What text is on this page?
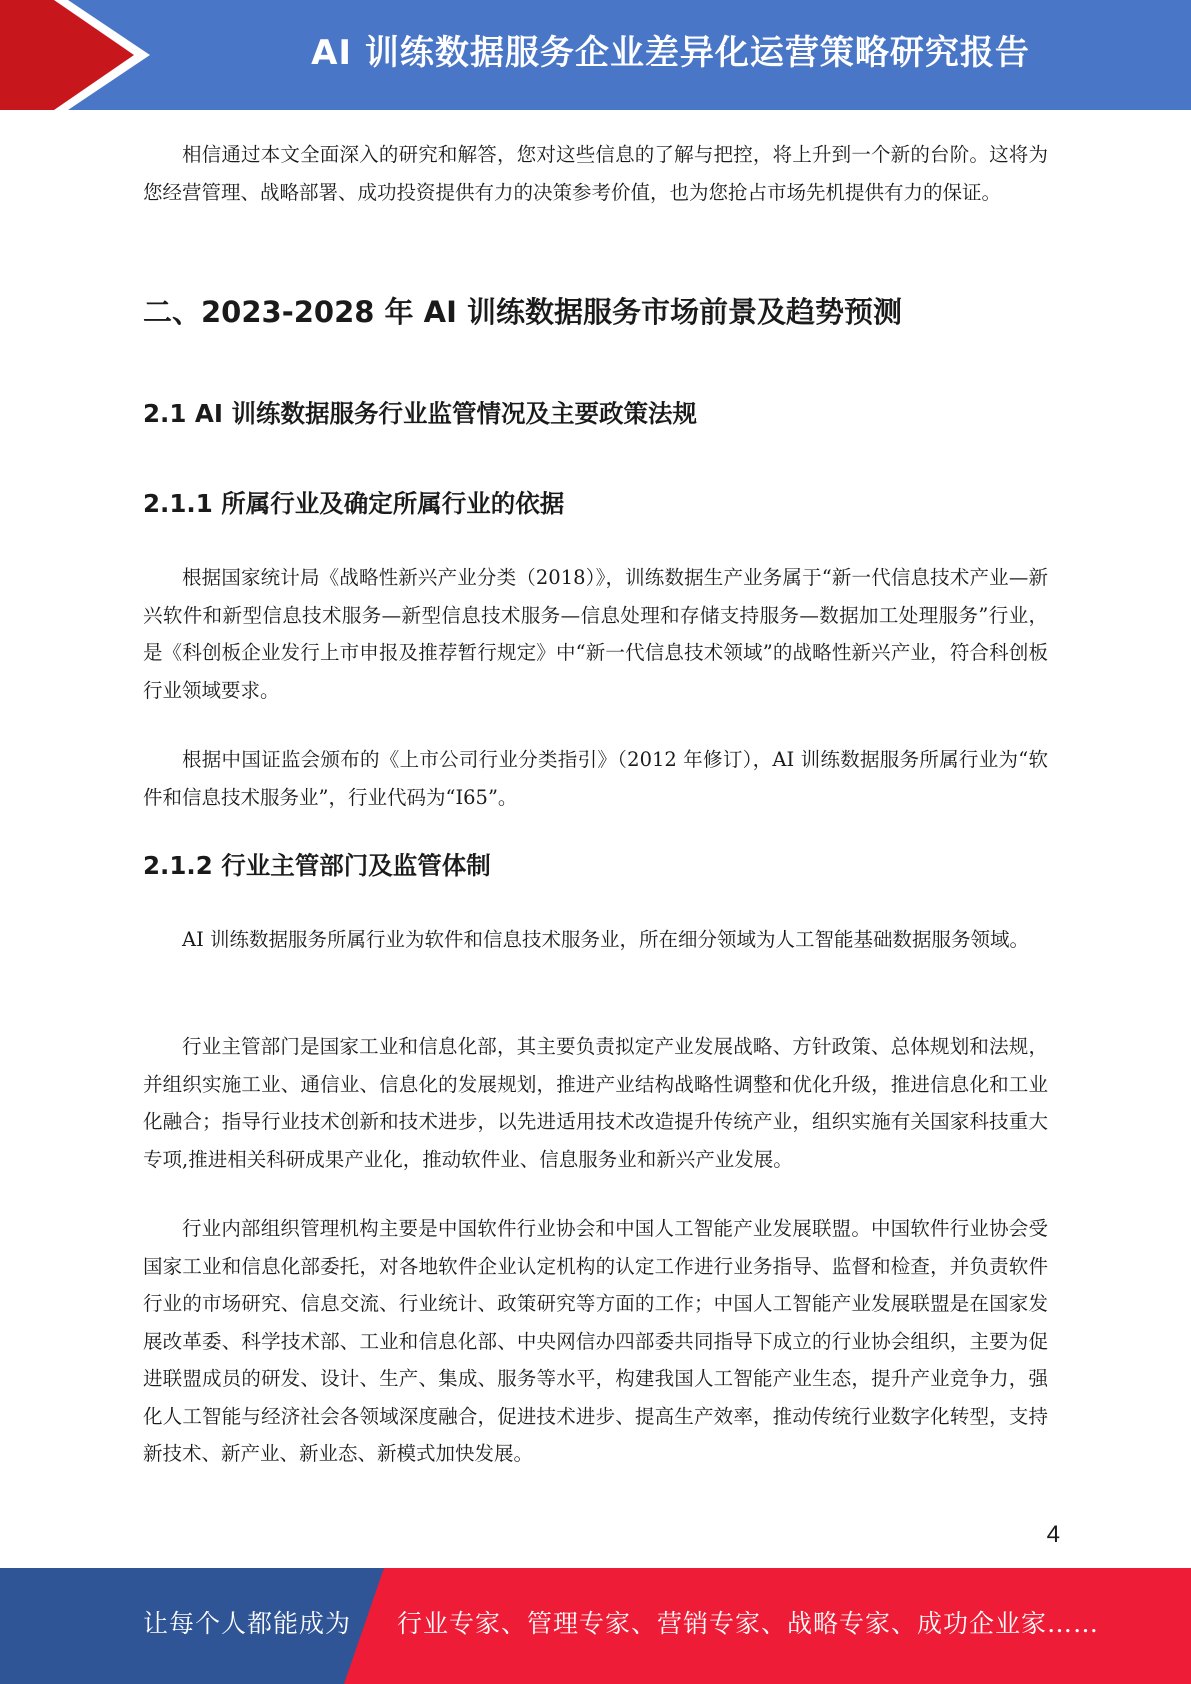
AI 训练数据服务企业差异化运营策略研究报告

相信通过本文全面深入的研究和解答，您对这些信息的了解与把控，将上升到一个新的台阶。这将为您经营管理、战略部署、成功投资提供有力的决策参考价值，也为您抢占市场先机提供有力的保证。

二、2023-2028 年 AI 训练数据服务市场前景及趋势预测
2.1 AI 训练数据服务行业监管情况及主要政策法规
2.1.1 所属行业及确定所属行业的依据

根据国家统计局《战略性新兴产业分类（2018）》，训练数据生产业务属于“新一代信息技术产业—新兴软件和新型信息技术服务—新型信息技术服务—信息处理和存储支持服务—数据加工处理服务”行业，是《科创板企业发行上市申报及推荐暂行规定》中“新一代信息技术领域”的战略性新兴产业，符合科创板行业领域要求。

根据中国证监会颁布的《上市公司行业分类指引》（2012 年修订），AI 训练数据服务所属行业为“软件和信息技术服务业”，行业代码为“I65”。

2.1.2 行业主管部门及监管体制

AI 训练数据服务所属行业为软件和信息技术服务业，所在细分领域为人工智能基础数据服务领域。

行业主管部门是国家工业和信息化部，其主要负责拟定产业发展战略、方针政策、总体规划和法规，并组织实施工业、通信业、信息化的发展规划，推进产业结构战略性调整和优化升级，推进信息化和工业化融合；指导行业技术创新和技术进步，以先进适用技术改造提升传统产业，组织实施有关国家科技重大专项,推进相关科研成果产业化，推动软件业、信息服务业和新兴产业发展。

行业内部组织管理机构主要是中国软件行业协会和中国人工智能产业发展联盟。中国软件行业协会受国家工业和信息化部委托，对各地软件企业认定机构的认定工作进行业务指导、监督和检查，并负责软件行业的市场研究、信息交流、行业统计、政策研究等方面的工作；中国人工智能产业发展联盟是在国家发展改革委、科学技术部、工业和信息化部、中央网信办四部委共同指导下成立的行业协会组织，主要为促进联盟成员的研发、设计、生产、集成、服务等水平，构建我国人工智能产业生态，提升产业竞争力，强化人工智能与经济社会各领域深度融合，促进技术进步、提高生产效率，推动传统行业数字化转型，支持新技术、新产业、新业态、新模式加快发展。

4
让每个人都能成为 行业专家、管理专家、营销专家、战略专家、成功企业家……
